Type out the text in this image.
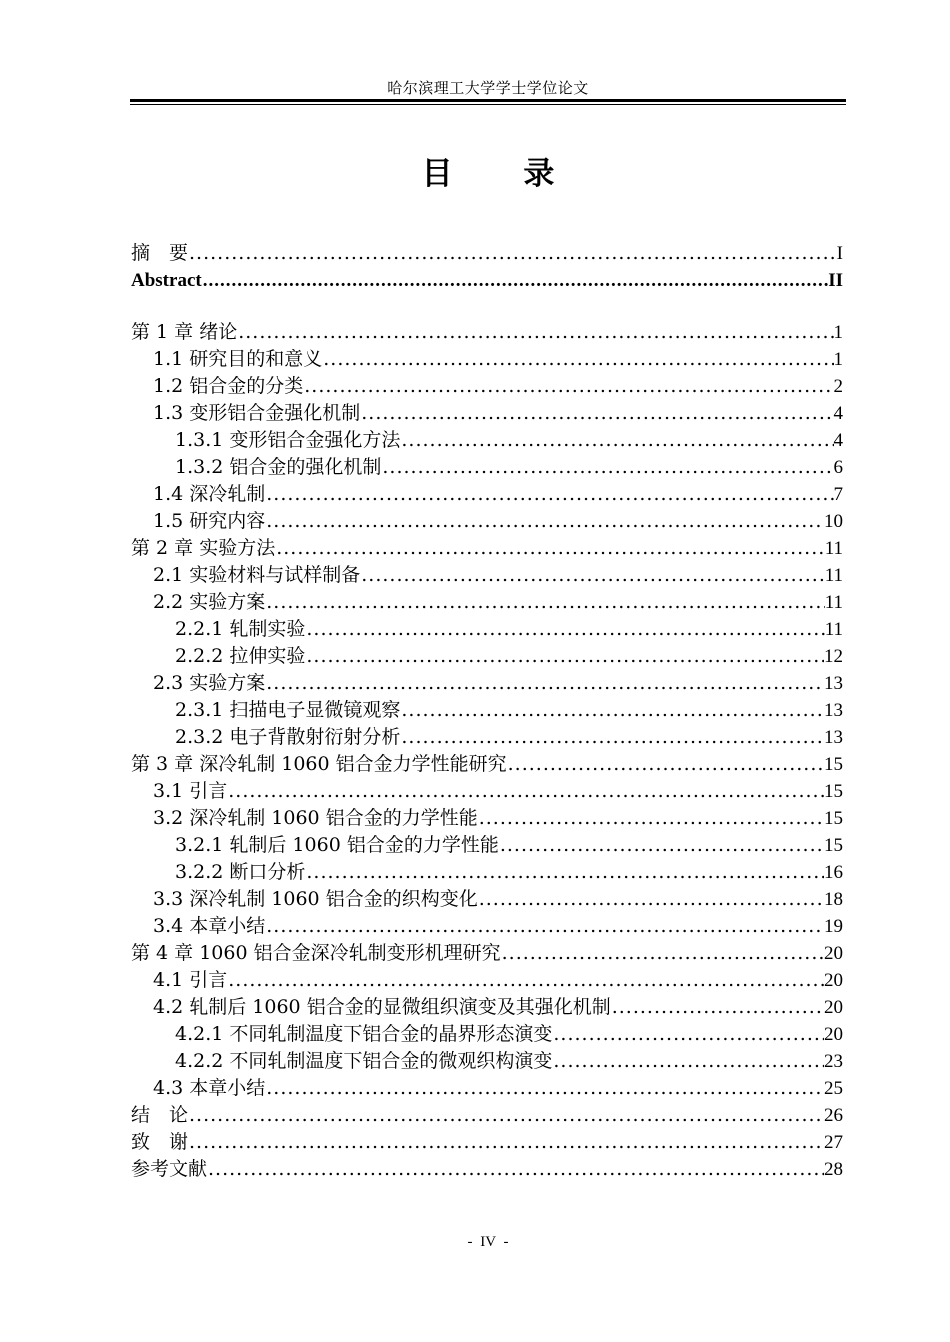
哈尔滨理工大学学士学位论文
目 录
摘　要 .....	I
Abstract .....	II
第 1 章 绪论 .....	1
1.1 研究目的和意义 .....	1
1.2 铝合金的分类 .....	2
1.3 变形铝合金强化机制 .....	4
1.3.1 变形铝合金强化方法 .....	4
1.3.2 铝合金的强化机制 .....	6
1.4 深冷轧制 .....	7
1.5 研究内容 .....	10
第 2 章 实验方法 .....	11
2.1 实验材料与试样制备 .....	11
2.2 实验方案 .....	11
2.2.1 轧制实验 .....	11
2.2.2 拉伸实验 .....	12
2.3 实验方案 .....	13
2.3.1 扫描电子显微镜观察 .....	13
2.3.2 电子背散射衍射分析 .....	13
第 3 章 深冷轧制 1060 铝合金力学性能研究 .....	15
3.1 引言 .....	15
3.2 深冷轧制 1060 铝合金的力学性能 .....	15
3.2.1 轧制后 1060 铝合金的力学性能 .....	15
3.2.2 断口分析 .....	16
3.3 深冷轧制 1060 铝合金的织构变化 .....	18
3.4 本章小结 .....	19
第 4 章 1060 铝合金深冷轧制变形机理研究 .....	20
4.1 引言 .....	20
4.2 轧制后 1060 铝合金的显微组织演变及其强化机制 .....	20
4.2.1 不同轧制温度下铝合金的晶界形态演变 .....	20
4.2.2 不同轧制温度下铝合金的微观织构演变 .....	23
4.3 本章小结 .....	25
结　论 .....	26
致　谢 .....	27
参考文献 .....	28
- IV -
